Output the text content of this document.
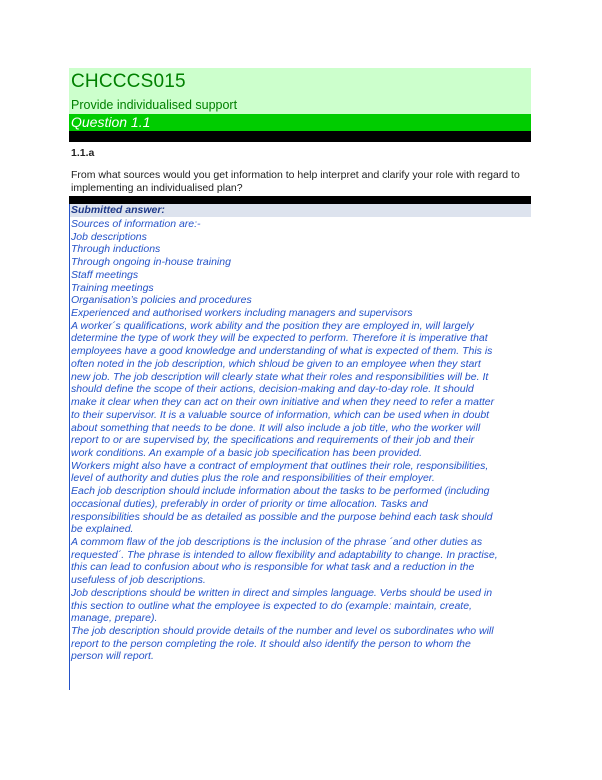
CHCCCS015
Provide individualised support
Question 1.1
1.1.a
From what sources would you get information to help interpret and clarify your role with regard to implementing an individualised plan?
Submitted answer:
Sources of information are:-
Job descriptions
Through inductions
Through ongoing in-house training
Staff meetings
Training meetings
Organisation’s policies and procedures
Experienced and authorised workers including managers and supervisors
A worker´s qualifications, work ability and the position they are employed in, will largely
determine the type of work they will be expected to perform. Therefore it is imperative that
employees have a good knowledge and understanding of what is expected of them. This is
often noted in the job description, which shloud be given to an employee when they start
new job. The job description will clearly state what their roles and responsibilities will be. It
should define the scope of their actions, decision-making and day-to-day role. It should
make it clear when they can act on their own initiative and when they need to refer a matter
to their supervisor. It is a valuable source of information, which can be used when in doubt
about something that needs to be done. It will also include a job title, who the worker will
report to or are supervised by, the specifications and requirements of their job and their
work conditions. An example of a basic job specification has been provided.
Workers might also have a contract of employment that outlines their role, responsibilities,
level of authority and duties plus the role and responsibilities of their employer.
Each job description should include information about the tasks to be performed (including
occasional duties), preferably in order of priority or time allocation. Tasks and
responsibilities should be as detailed as possible and the purpose behind each task should
be explained.
A commom flaw of the job descriptions is the inclusion of the phrase ´and other duties as
requested´. The phrase is intended to allow flexibility and adaptability to change. In practise,
this can lead to confusion about who is responsible for what task and a reduction in the
usefuless of job descriptions.
Job descriptions should be written in direct and simples language. Verbs should be used in
this section to outline what the employee is expected to do (example: maintain, create,
manage, prepare).
The job description should provide details of the number and level os subordinates who will
report to the person completing the role. It should also identify the person to whom the
person will report.
